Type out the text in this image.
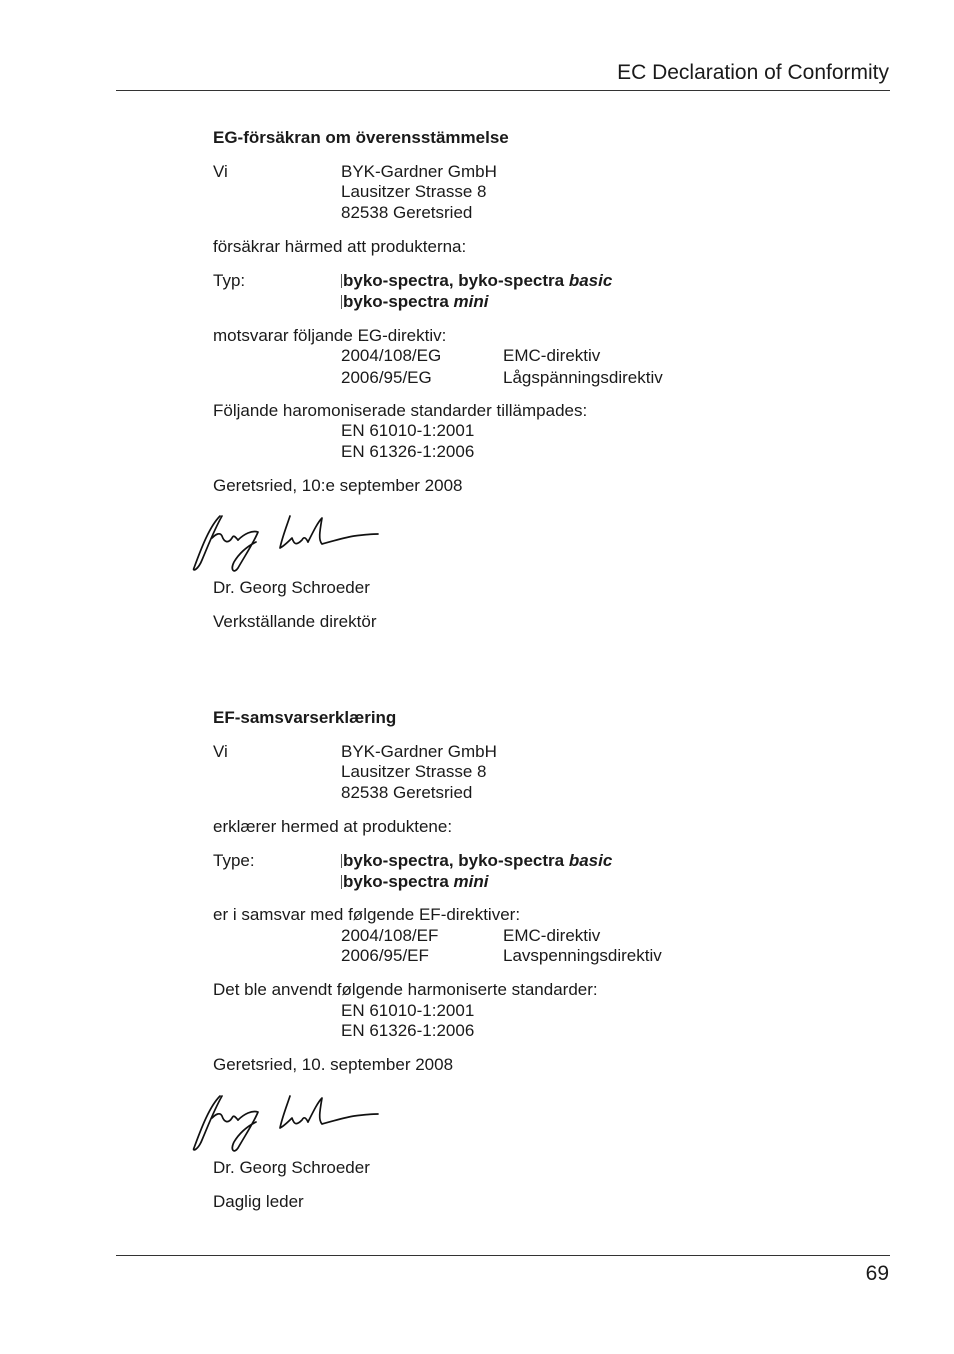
EC Declaration of Conformity
EG-försäkran om överensstämmelse
Vi	BYK-Gardner GmbH
Lausitzer Strasse 8
82538 Geretsried
försäkrar härmed att produkterna:
Typ:	byko-spectra, byko-spectra basic
byko-spectra mini
motsvarar följande EG-direktiv:
2004/108/EG	EMC-direktiv
2006/95/EG	Lågspänningsdirektiv
Följande haromoniserade standarder tillämpades:
EN 61010-1:2001
EN 61326-1:2006
Geretsried, 10:e september 2008
Dr. Georg Schroeder
Verkställande direktör
EF-samsvarserklæring
Vi	BYK-Gardner GmbH
Lausitzer Strasse 8
82538 Geretsried
erklærer hermed at produktene:
Type:	byko-spectra, byko-spectra basic
byko-spectra mini
er i samsvar med følgende EF-direktiver:
2004/108/EF	EMC-direktiv
2006/95/EF	Lavspenningsdirektiv
Det ble anvendt følgende harmoniserte standarder:
EN 61010-1:2001
EN 61326-1:2006
Geretsried, 10. september 2008
Dr. Georg Schroeder
Daglig leder
69
